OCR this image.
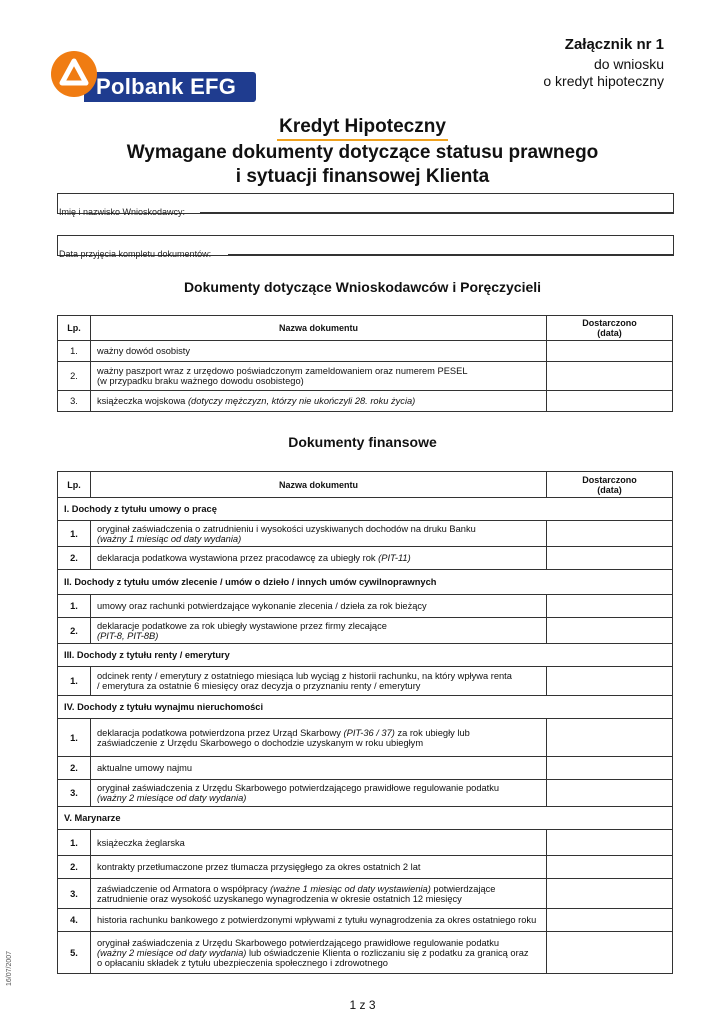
Polbank EFG
Załącznik nr 1
do wniosku
o kredyt hipoteczny
Kredyt Hipoteczny
Wymagane dokumenty dotyczące statusu prawnego
i sytuacji finansowej Klienta
Imię i nazwisko Wnioskodawcy:
Data przyjęcia kompletu dokumentów:
Dokumenty dotyczące Wnioskodawców i Poręczycieli
Lp.	Nazwa dokumentu	Dostarczono
(data)
1.	ważny dowód osobisty	
2.	ważny paszport wraz z urzędowo poświadczonym zameldowaniem oraz numerem PESEL
(w przypadku braku ważnego dowodu osobistego)	
3.	książeczka wojskowa (dotyczy mężczyzn, którzy nie ukończyli 28. roku życia)	
Dokumenty finansowe
Lp.	Nazwa dokumentu	Dostarczono
(data)
I. Dochody z tytułu umowy o pracę		
1.	oryginał zaświadczenia o zatrudnieniu i wysokości uzyskiwanych dochodów na druku Banku
(ważny 1 miesiąc od daty wydania)	
2.	deklaracja podatkowa wystawiona przez pracodawcę za ubiegły rok (PIT-11)	
II. Dochody z tytułu umów zlecenie / umów o dzieło / innych umów cywilnoprawnych		
1.	umowy oraz rachunki potwierdzające wykonanie zlecenia / dzieła za rok bieżący	
2.	deklaracje podatkowe za rok ubiegły wystawione przez firmy zlecające
(PIT-8, PIT-8B)	
III. Dochody z tytułu renty / emerytury		
1.	odcinek renty / emerytury z ostatniego miesiąca lub wyciąg z historii rachunku, na który wpływa renta
/ emerytura za ostatnie 6 miesięcy oraz decyzja o przyznaniu renty / emerytury	
IV. Dochody z tytułu wynajmu nieruchomości		
1.	deklaracja podatkowa potwierdzona przez Urząd Skarbowy (PIT-36 / 37) za rok ubiegły lub
zaświadczenie z Urzędu Skarbowego o dochodzie uzyskanym w roku ubiegłym	
2.	aktualne umowy najmu	
3.	oryginał zaświadczenia z Urzędu Skarbowego potwierdzającego prawidłowe regulowanie podatku
(ważny 2 miesiące od daty wydania)	
V. Marynarze		
1.	książeczka żeglarska	
2.	kontrakty przetłumaczone przez tłumacza przysięgłego za okres ostatnich 2 lat	
3.	zaświadczenie od Armatora o współpracy (ważne 1 miesiąc od daty wystawienia) potwierdzające
zatrudnienie oraz wysokość uzyskanego wynagrodzenia w okresie ostatnich 12 miesięcy	
4.	historia rachunku bankowego z potwierdzonymi wpływami z tytułu wynagrodzenia za okres ostatniego roku	
5.	oryginał zaświadczenia z Urzędu Skarbowego potwierdzającego prawidłowe regulowanie podatku
(ważny 2 miesiące od daty wydania) lub oświadczenie Klienta o rozliczaniu się z podatku za granicą oraz
o opłacaniu składek z tytułu ubezpieczenia społecznego i zdrowotnego	
16/07/2007
1 z 3
